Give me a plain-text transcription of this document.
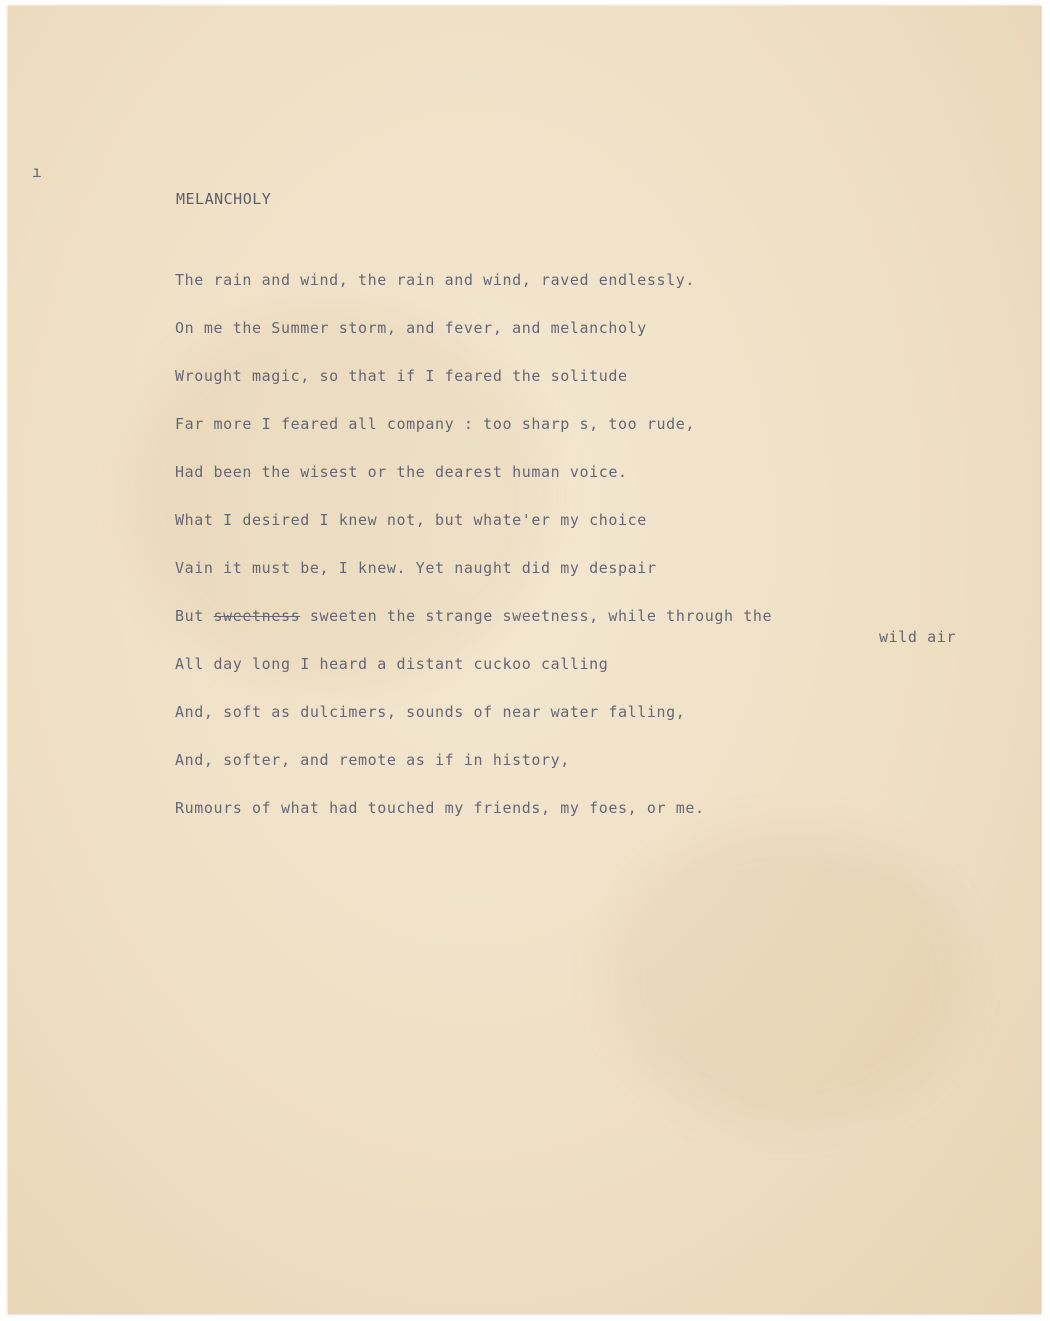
ı
MELANCHOLY
The rain and wind, the rain and wind, raved endlessly.
On me the Summer storm, and fever, and melancholy
Wrought magic, so that if I feared the solitude
Far more I feared all company : too sharp s, too rude,
Had been the wisest or the dearest human voice.
What I desired I knew not, but whate'er my choice
Vain it must be, I knew. Yet naught did my despair
But sweetness sweeten the strange sweetness, while through the
All day long I heard a distant cuckoo calling
And, soft as dulcimers, sounds of near water falling,
And, softer, and remote as if in history,
Rumours of what had touched my friends, my foes, or me.
wild air
